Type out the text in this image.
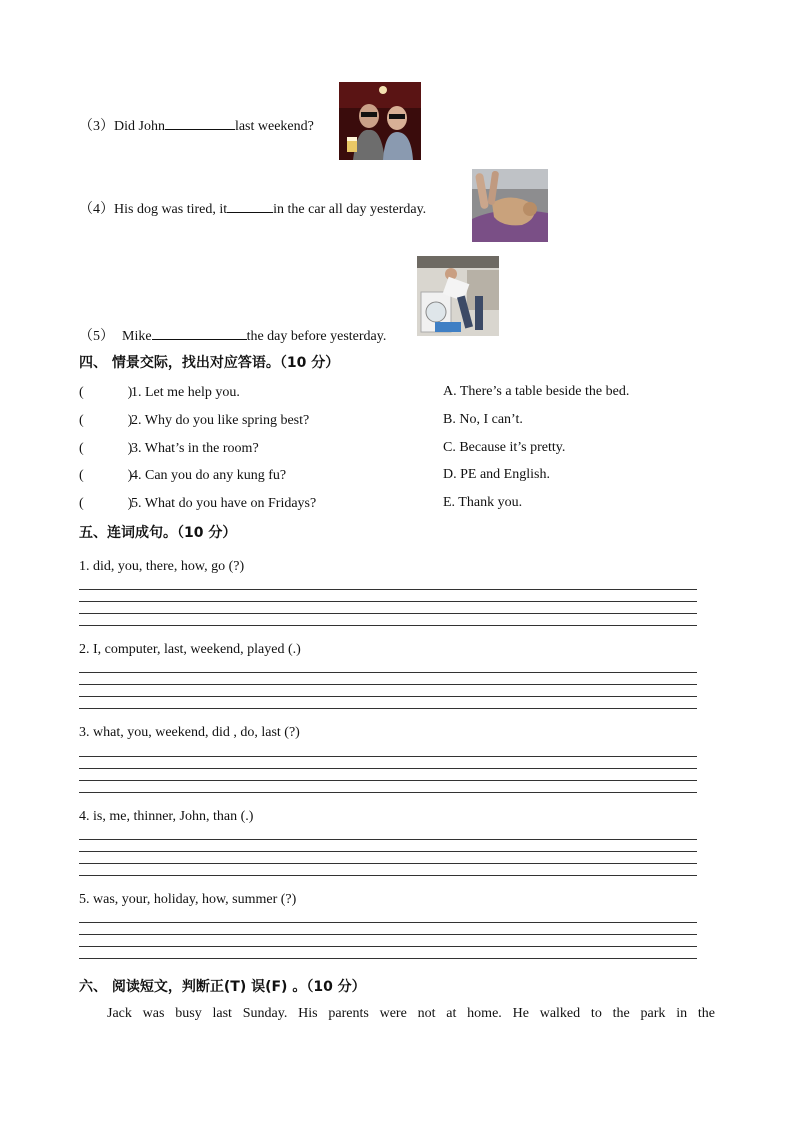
（3）Did John	last weekend?
（4）His dog was tired, it	in the car all day yesterday.
（5） Mike	the day before yesterday.
四、 情景交际，找出对应答语。（10 分）
(	)1. Let me help you.
(	)2. Why do you like spring best?
(	)3. What’s in the room?
(	)4. Can you do any kung fu?
(	)5. What do you have on Fridays?
A. There’s a table beside the bed.
B. No, I can’t.
C. Because it’s pretty.
D. PE and English.
E. Thank you.
五、连词成句。（10 分）
1. did, you, there, how, go (?)
2. I, computer, last, weekend, played (.)
3. what, you, weekend, did , do, last (?)
4. is, me, thinner, John, than (.)
5. was, your, holiday, how, summer (?)
六、 阅读短文，判断正(T) 误(F) 。（10 分）
Jack was busy last Sunday. His parents were not at home. He walked to the park in the
